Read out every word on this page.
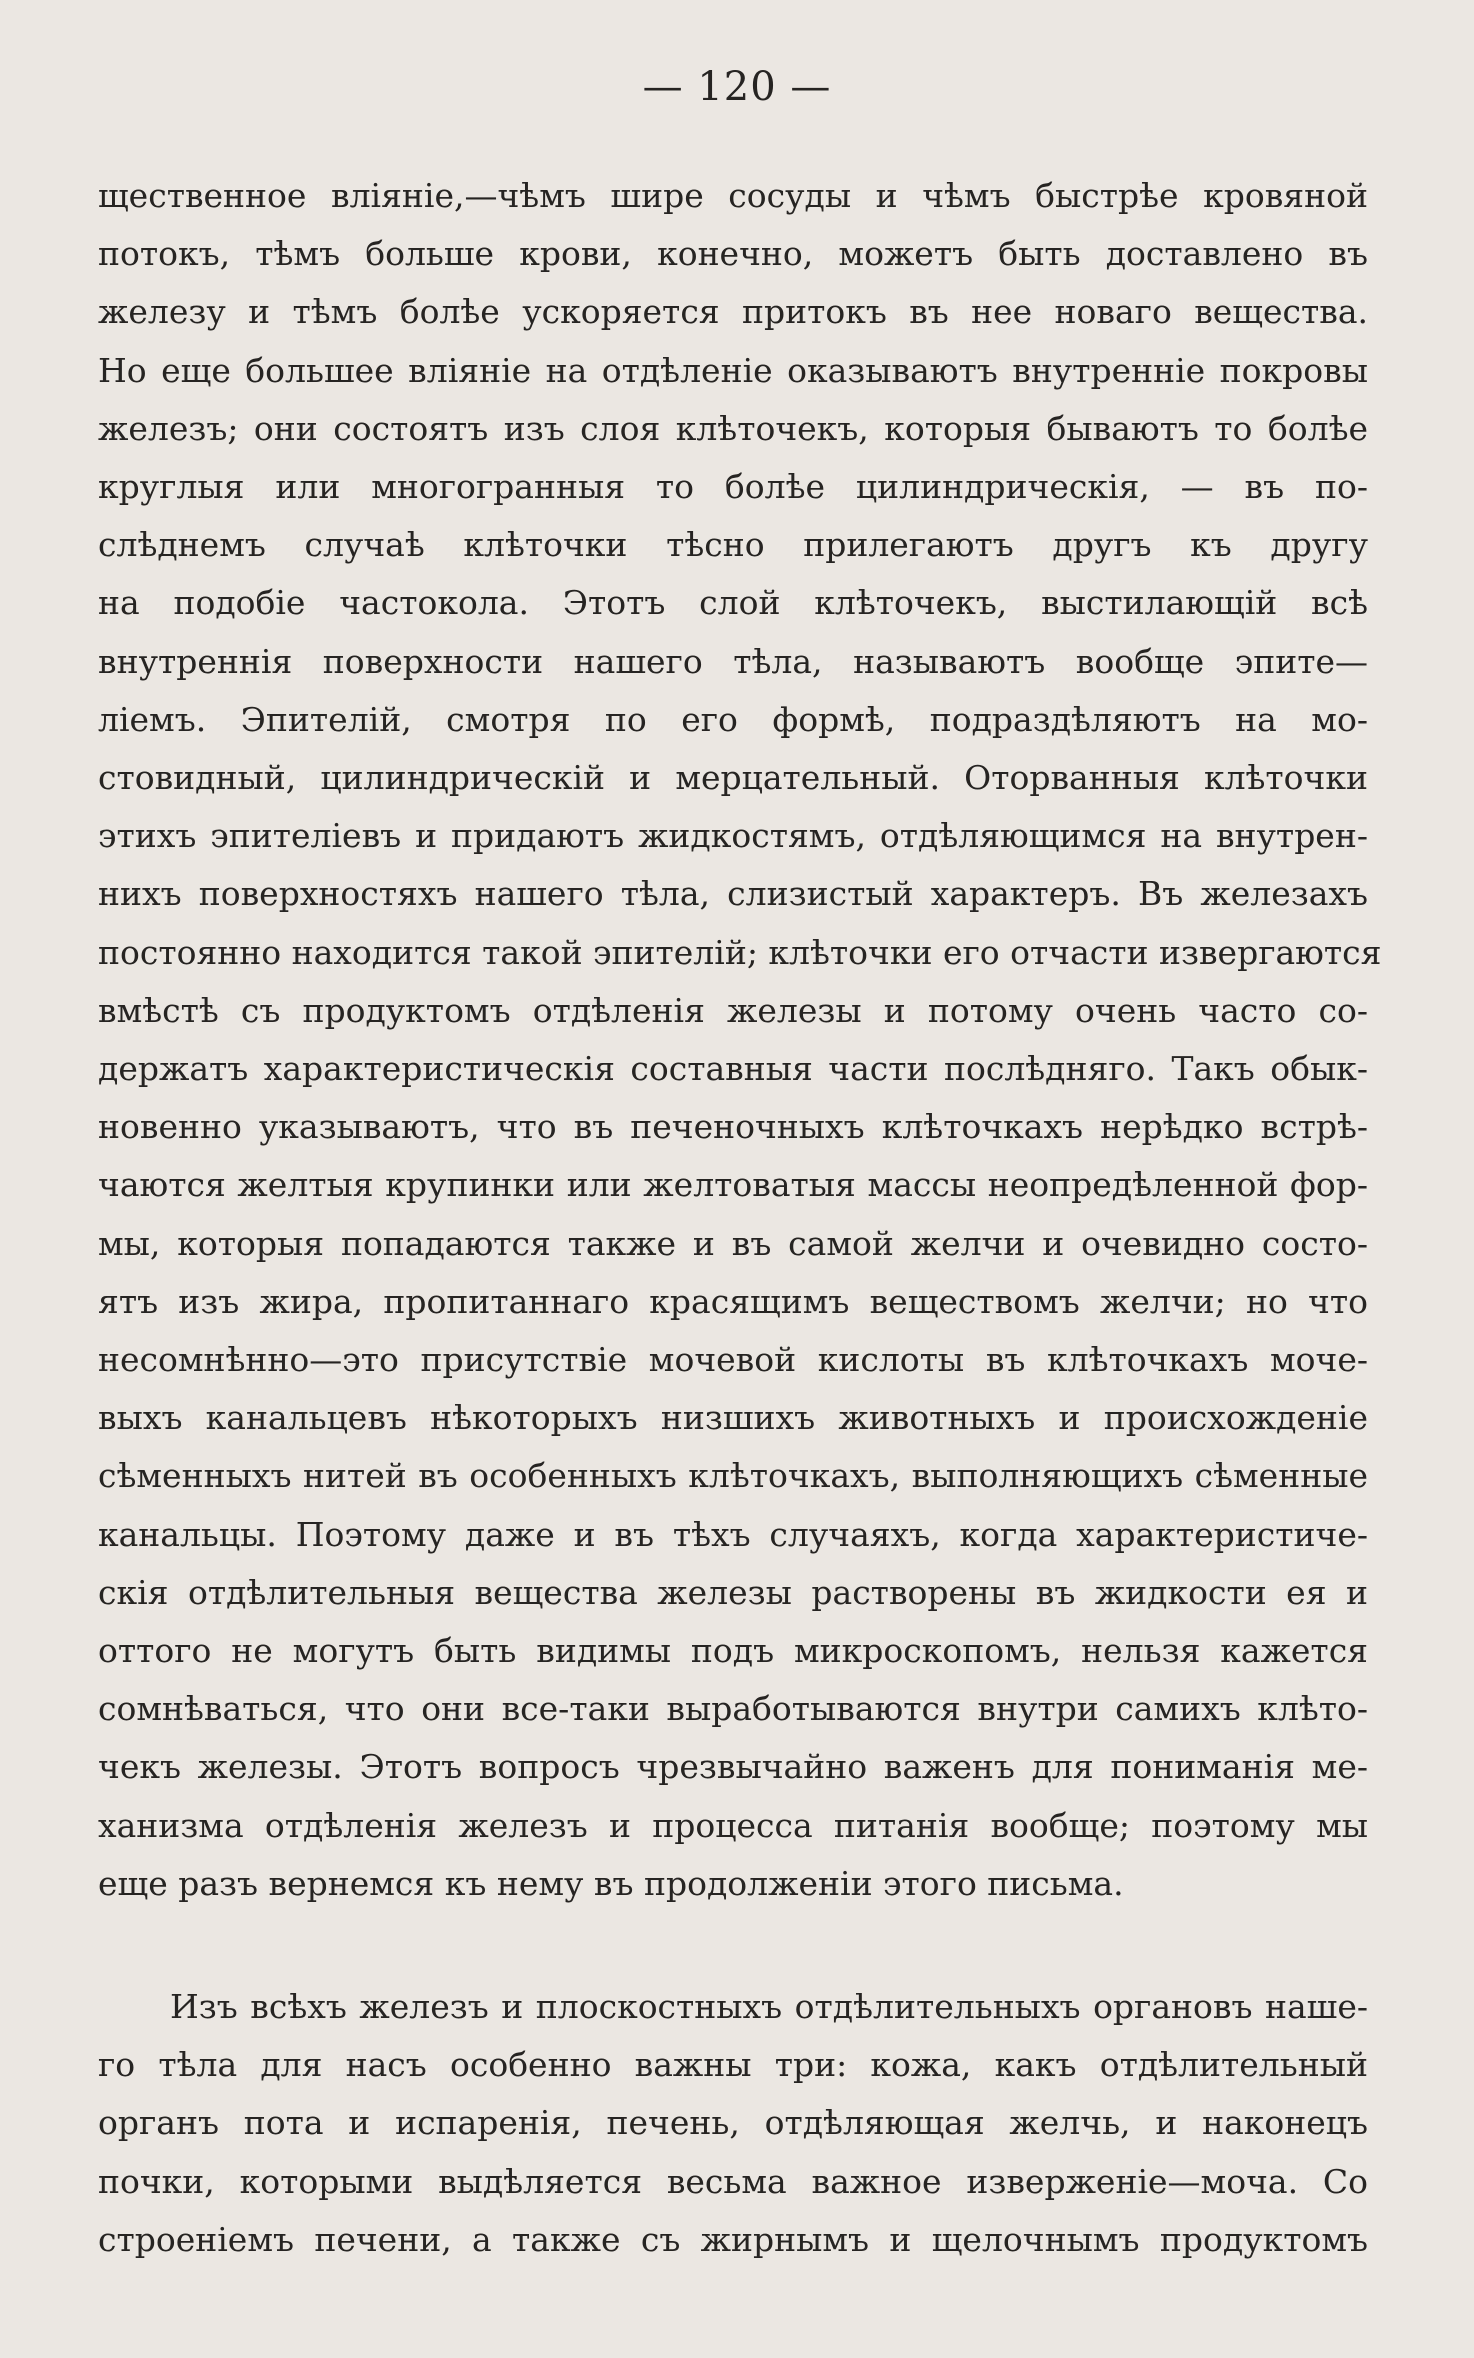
— 120 —
щественное вліяніе,—чѣмъ шире сосуды и чѣмъ быстрѣе кровяной
потокъ, тѣмъ больше крови, конечно, можетъ быть доставлено въ
железу и тѣмъ болѣе ускоряется притокъ въ нее новаго вещества.
Но еще большее вліяніе на отдѣленіе оказываютъ внутренніе покровы
железъ; они состоятъ изъ слоя клѣточекъ, которыя бываютъ то болѣе
круглыя или многогранныя то болѣе цилиндрическія, — въ по-
слѣднемъ случаѣ клѣточки тѣсно прилегаютъ другъ къ другу
на подобіе частокола. Этотъ слой клѣточекъ, выстилающій всѣ
внутреннія поверхности нашего тѣла, называютъ вообще эпите—
ліемъ. Эпителій, смотря по его формѣ, подраздѣляютъ на мо-
стовидный, цилиндрическій и мерцательный. Оторванныя клѣточки
этихъ эпителіевъ и придаютъ жидкостямъ, отдѣляющимся на внутрен-
нихъ поверхностяхъ нашего тѣла, слизистый характеръ. Въ железахъ
постоянно находится такой эпителій; клѣточки его отчасти извергаются
вмѣстѣ съ продуктомъ отдѣленія железы и потому очень часто со-
держатъ характеристическія составныя части послѣдняго. Такъ обык-
новенно указываютъ, что въ печеночныхъ клѣточкахъ нерѣдко встрѣ-
чаются желтыя крупинки или желтоватыя массы неопредѣленной фор-
мы, которыя попадаются также и въ самой желчи и очевидно состо-
ятъ изъ жира, пропитаннаго красящимъ веществомъ желчи; но что
несомнѣнно—это присутствіе мочевой кислоты въ клѣточкахъ моче-
выхъ канальцевъ нѣкоторыхъ низшихъ животныхъ и происхожденіе
сѣменныхъ нитей въ особенныхъ клѣточкахъ, выполняющихъ сѣменные
канальцы. Поэтому даже и въ тѣхъ случаяхъ, когда характеристиче-
скія отдѣлительныя вещества железы растворены въ жидкости ея и
оттого не могутъ быть видимы подъ микроскопомъ, нельзя кажется
сомнѣваться, что они все-таки выработываются внутри самихъ клѣто-
чекъ железы. Этотъ вопросъ чрезвычайно важенъ для пониманія ме-
ханизма отдѣленія железъ и процесса питанія вообще; поэтому мы
еще разъ вернемся къ нему въ продолженіи этого письма.
Изъ всѣхъ железъ и плоскостныхъ отдѣлительныхъ органовъ наше-
го тѣла для насъ особенно важны три: кожа, какъ отдѣлительный
органъ пота и испаренія, печень, отдѣляющая желчь, и наконецъ
почки, которыми выдѣляется весьма важное изверженіе—моча. Со
строеніемъ печени, а также съ жирнымъ и щелочнымъ продуктомъ
